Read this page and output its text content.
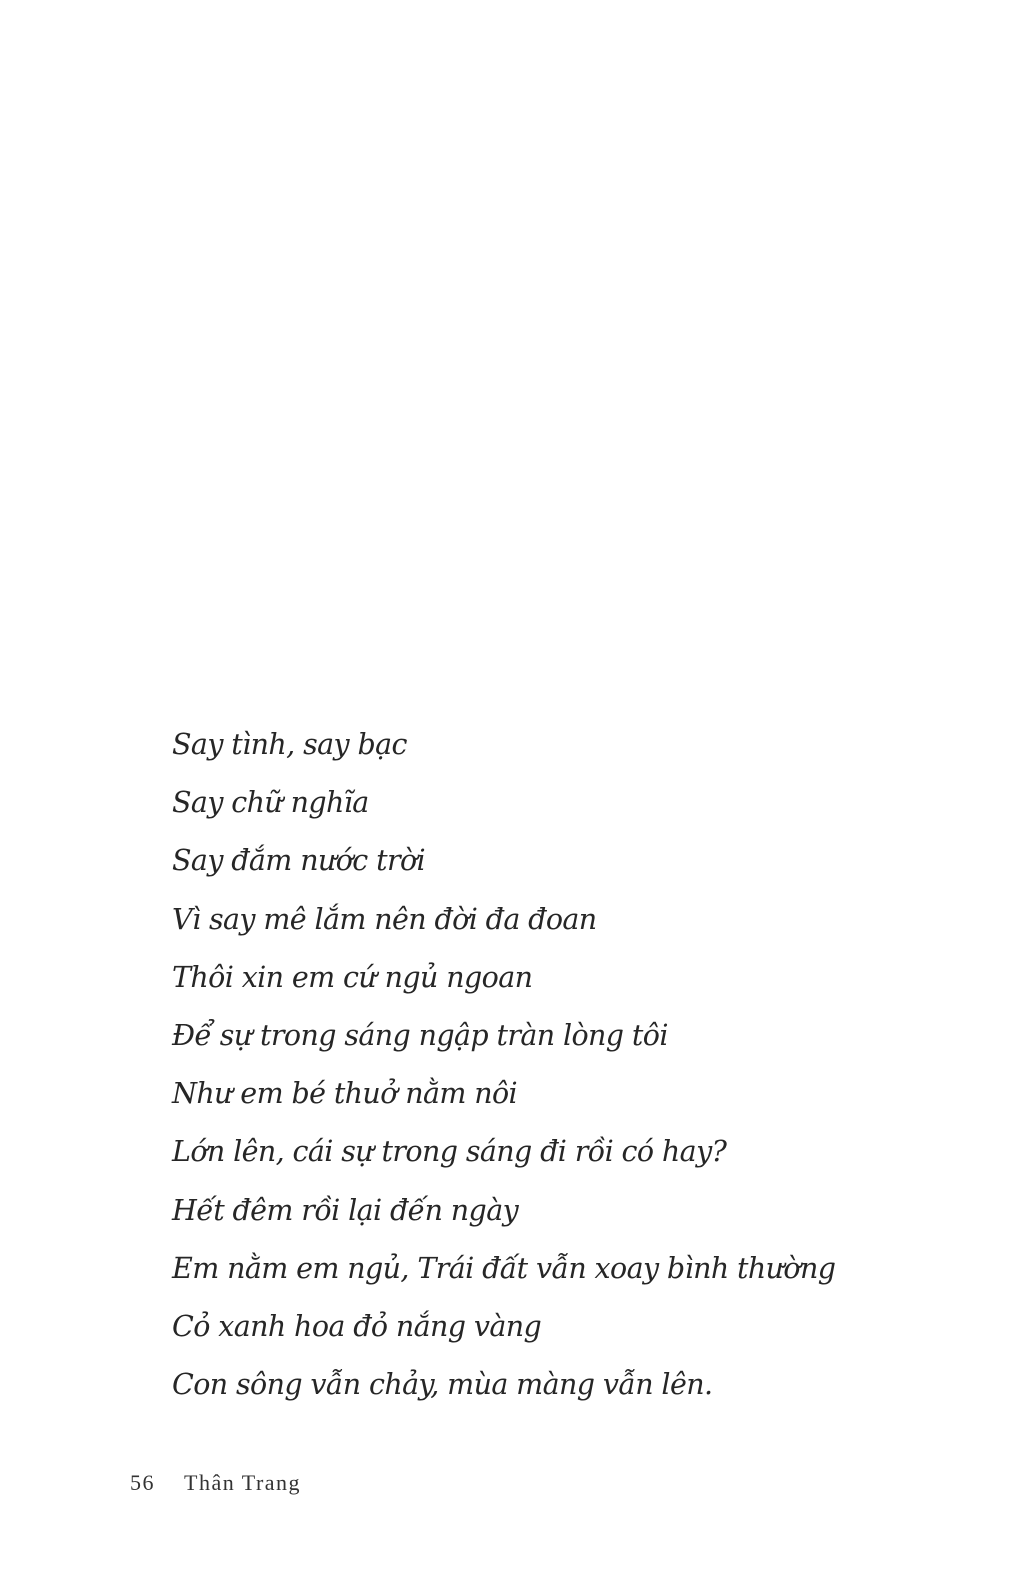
Say tình, say bạc
Say chữ nghĩa
Say đắm nước trời
Vì say mê lắm nên đời đa đoan
Thôi xin em cứ ngủ ngoan
Để sự trong sáng ngập tràn lòng tôi
Như em bé thuở nằm nôi
Lớn lên, cái sự trong sáng đi rồi có hay?
Hết đêm rồi lại đến ngày
Em nằm em ngủ, Trái đất vẫn xoay bình thường
Cỏ xanh hoa đỏ nắng vàng
Con sông vẫn chảy, mùa màng vẫn lên.
56 Thân Trang
